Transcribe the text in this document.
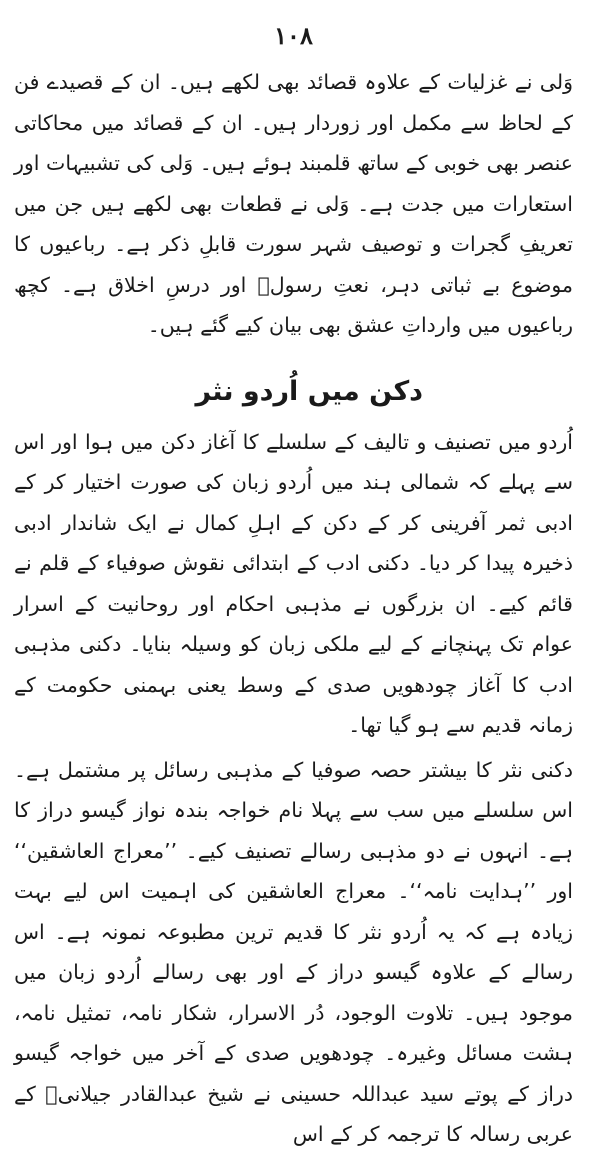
۱۰۸

وَلی نے غزلیات کے علاوہ قصائد بھی لکھے ہیں۔ ان کے قصیدے فن کے لحاظ سے مکمل اور زوردار ہیں۔ ان کے قصائد میں محاکاتی عنصر بھی خوبی کے ساتھ قلمبند ہوئے ہیں۔ وَلی کی تشبیہات اور استعارات میں جدت ہے۔ وَلی نے قطعات بھی لکھے ہیں جن میں تعریفِ گجرات و توصیف شہر سورت قابلِ ذکر ہے۔ رباعیوں کا موضوع بے ثباتی دہر، نعتِ رسولؐ اور درسِ اخلاق ہے۔ کچھ رباعیوں میں وارداتِ عشق بھی بیان کیے گئے ہیں۔

دکن میں اُردو نثر

اُردو میں تصنیف و تالیف کے سلسلے کا آغاز دکن میں ہوا اور اس سے پہلے کہ شمالی ہند میں اُردو زبان کی صورت اختیار کر کے ادبی ثمر آفرینی کر کے دکن کے اہلِ کمال نے ایک شاندار ادبی ذخیرہ پیدا کر دیا۔ دکنی ادب کے ابتدائی نقوش صوفیاء کے قلم نے قائم کیے۔ ان بزرگوں نے مذہبی احکام اور روحانیت کے اسرار عوام تک پہنچانے کے لیے ملکی زبان کو وسیلہ بنایا۔ دکنی مذہبی ادب کا آغاز چودھویں صدی کے وسط یعنی بہمنی حکومت کے زمانہ قدیم سے ہو گیا تھا۔

دکنی نثر کا بیشتر حصہ صوفیا کے مذہبی رسائل پر مشتمل ہے۔ اس سلسلے میں سب سے پہلا نام خواجہ بندہ نواز گیسو دراز کا ہے۔ انہوں نے دو مذہبی رسالے تصنیف کیے۔ ’’معراج العاشقین‘‘ اور ’’ہدایت نامہ‘‘۔ معراج العاشقین کی اہمیت اس لیے بہت زیادہ ہے کہ یہ اُردو نثر کا قدیم ترین مطبوعہ نمونہ ہے۔ اس رسالے کے علاوہ گیسو دراز کے اور بھی رسالے اُردو زبان میں موجود ہیں۔ تلاوت الوجود، دُر الاسرار، شکار نامہ، تمثیل نامہ، ہشت مسائل وغیرہ۔ چودھویں صدی کے آخر میں خواجہ گیسو دراز کے پوتے سید عبداللہ حسینی نے شیخ عبدالقادر جیلانیؒ کے عربی رسالہ کا ترجمہ کر کے اس
